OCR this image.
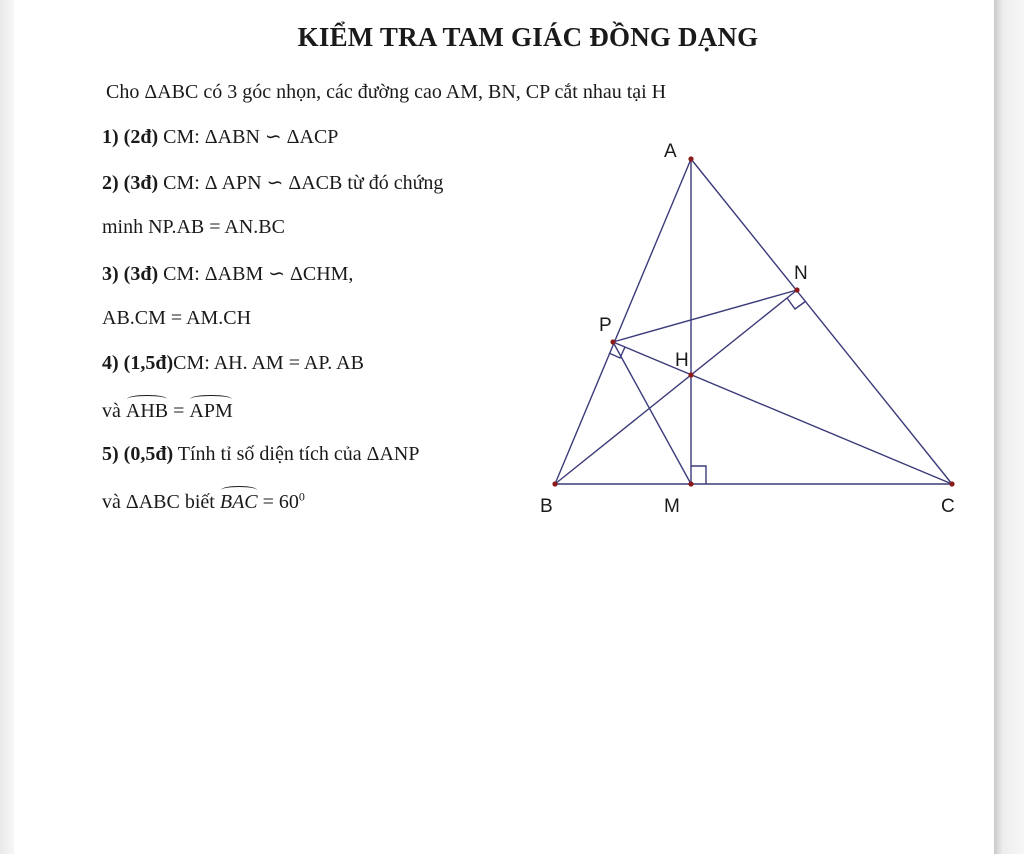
KIỂM TRA TAM GIÁC ĐỒNG DẠNG
Cho ΔABC có 3 góc nhọn, các đường cao AM, BN, CP cắt nhau tại H
1) (2đ) CM: ΔABN ∽ ΔACP
2) (3đ) CM: Δ APN ∽ ΔACB từ đó chứng
minh NP.AB = AN.BC
3) (3đ) CM: ΔABM ∽ ΔCHM,
AB.CM = AM.CH
4) (1,5đ)CM: AH. AM = AP. AB
và AHB = APM
5) (0,5đ) Tính tỉ số diện tích của ΔANP
và ΔABC biết BAC = $60^0$
A
B	C
M
N
P
H
